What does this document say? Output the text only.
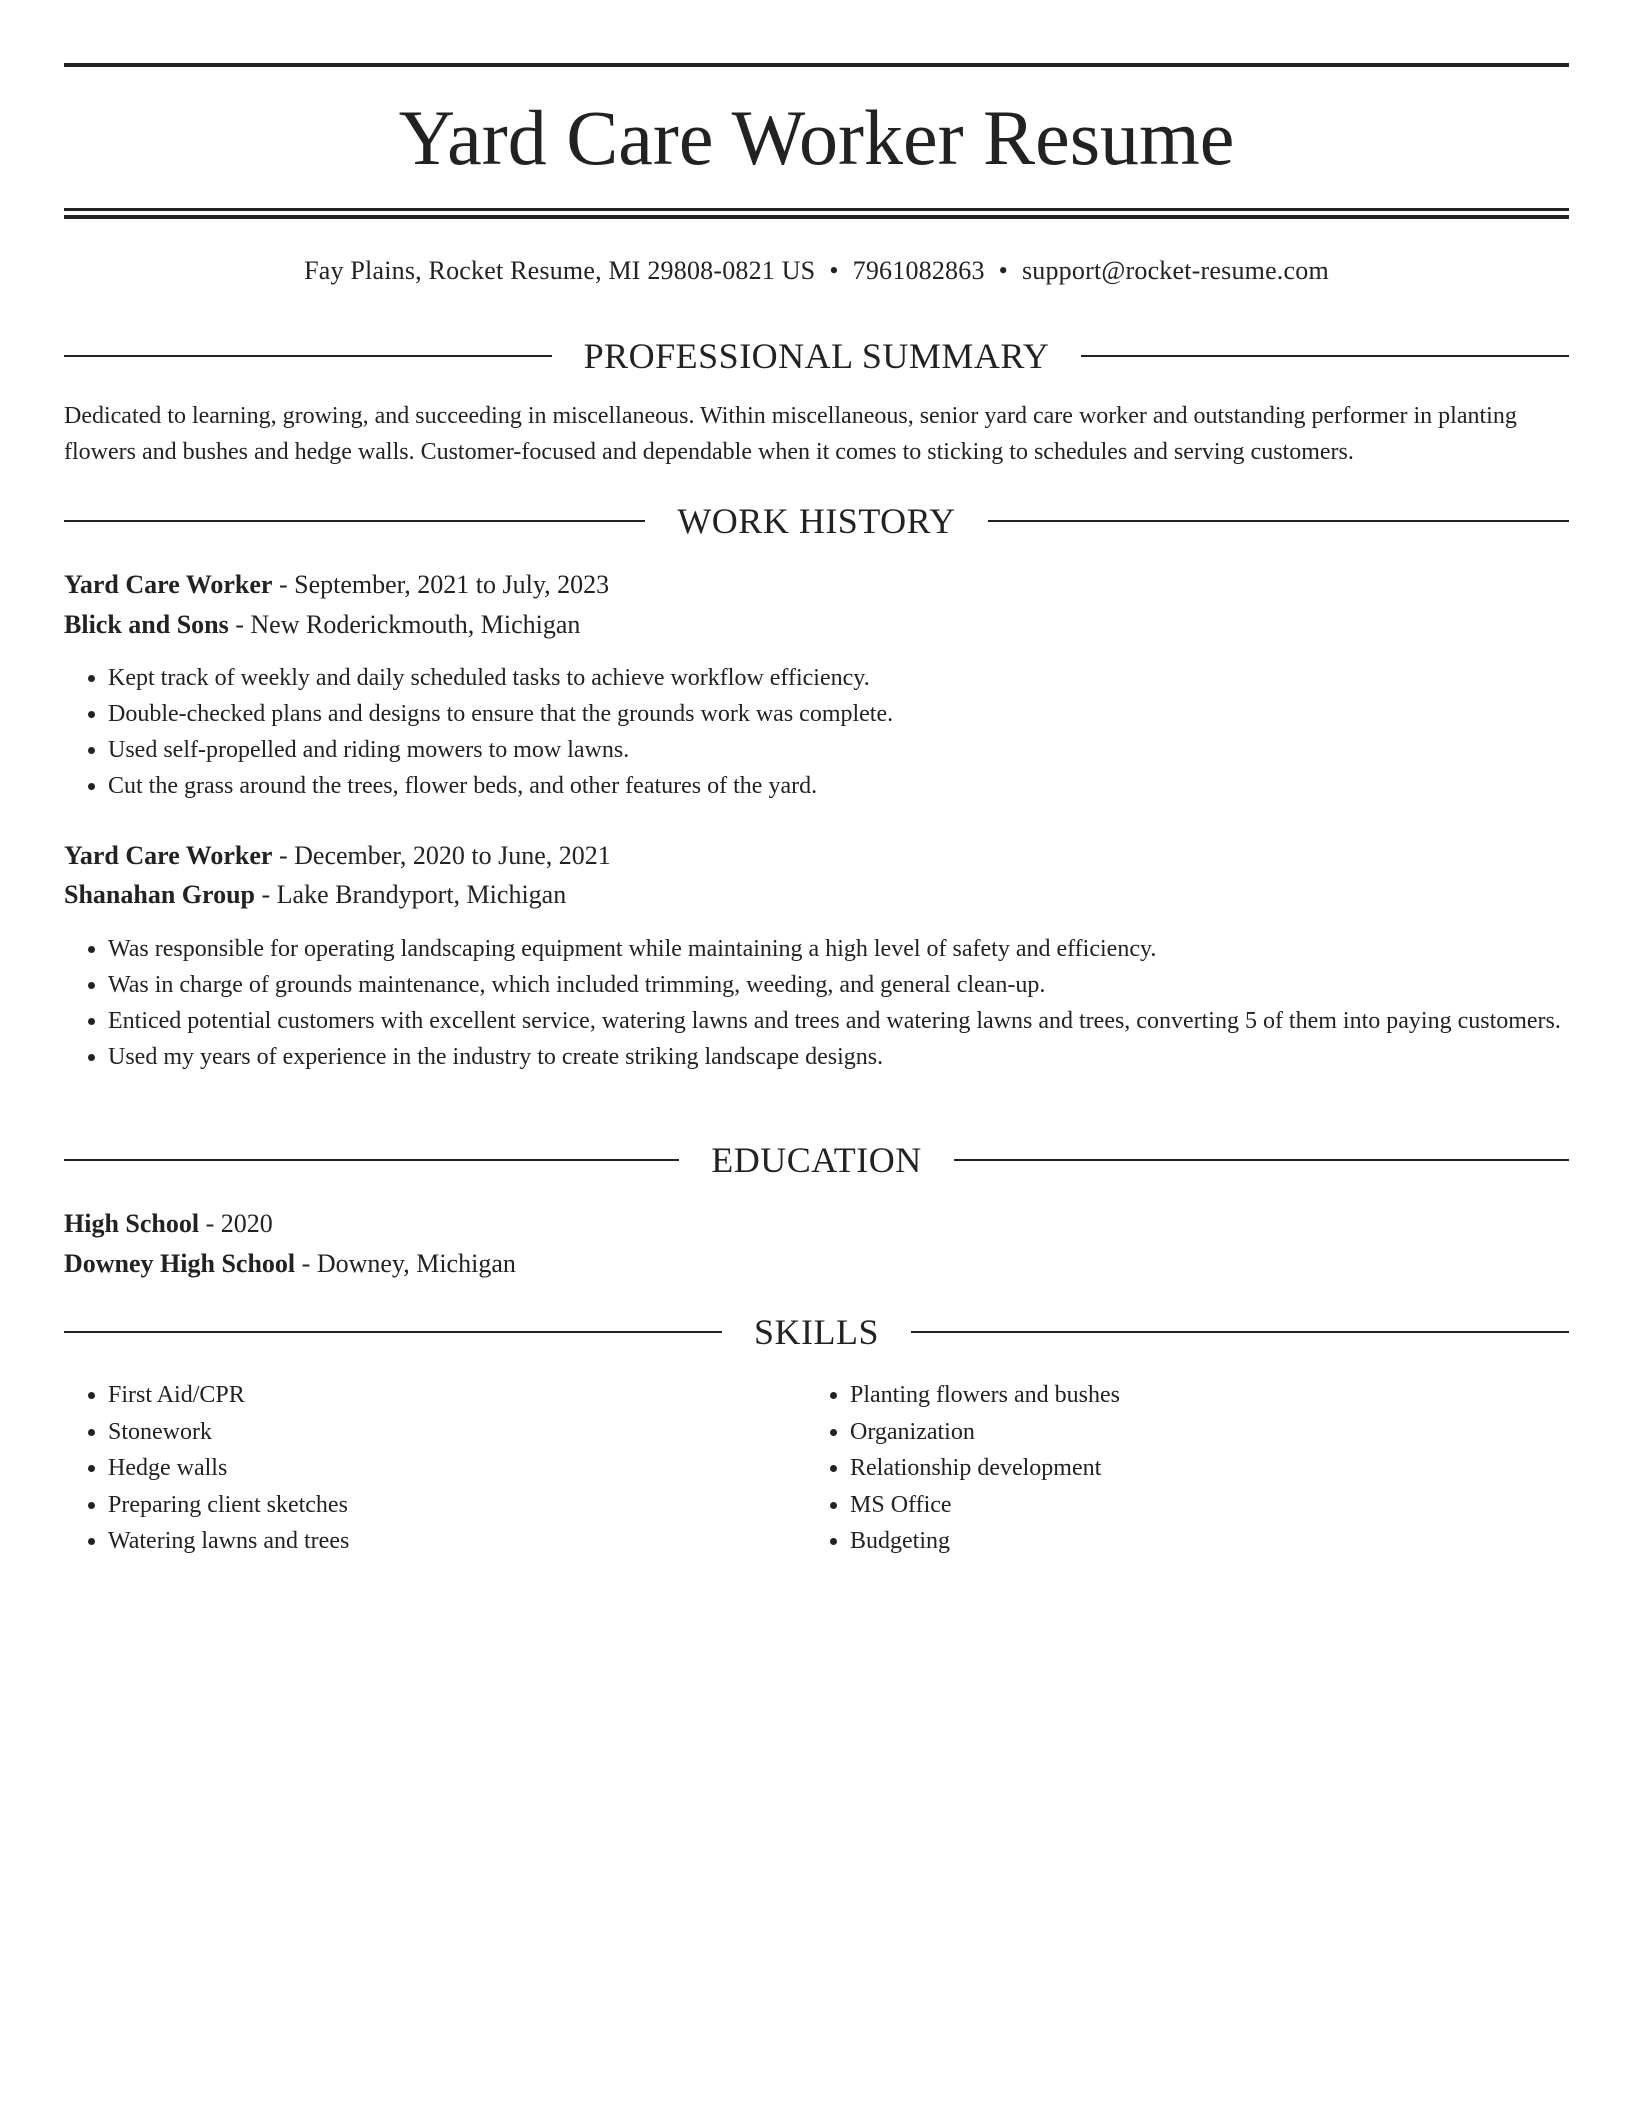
Yard Care Worker Resume
Fay Plains, Rocket Resume, MI 29808-0821 US • 7961082863 • support@rocket-resume.com
PROFESSIONAL SUMMARY

Dedicated to learning, growing, and succeeding in miscellaneous. Within miscellaneous, senior yard care worker and outstanding performer in planting flowers and bushes and hedge walls. Customer-focused and dependable when it comes to sticking to schedules and serving customers.

WORK HISTORY
Yard Care Worker - September, 2021 to July, 2023
Blick and Sons - New Roderickmouth, Michigan
• Kept track of weekly and daily scheduled tasks to achieve workflow efficiency.
• Double-checked plans and designs to ensure that the grounds work was complete.
• Used self-propelled and riding mowers to mow lawns.
• Cut the grass around the trees, flower beds, and other features of the yard.
Yard Care Worker - December, 2020 to June, 2021
Shanahan Group - Lake Brandyport, Michigan
• Was responsible for operating landscaping equipment while maintaining a high level of safety and efficiency.
• Was in charge of grounds maintenance, which included trimming, weeding, and general clean-up.
• Enticed potential customers with excellent service, watering lawns and trees and watering lawns and trees, converting 5 of them into paying customers.
• Used my years of experience in the industry to create striking landscape designs.
EDUCATION
High School - 2020
Downey High School - Downey, Michigan
SKILLS
• First Aid/CPR
• Stonework
• Hedge walls
• Preparing client sketches
• Watering lawns and trees
• Planting flowers and bushes
• Organization
• Relationship development
• MS Office
• Budgeting
